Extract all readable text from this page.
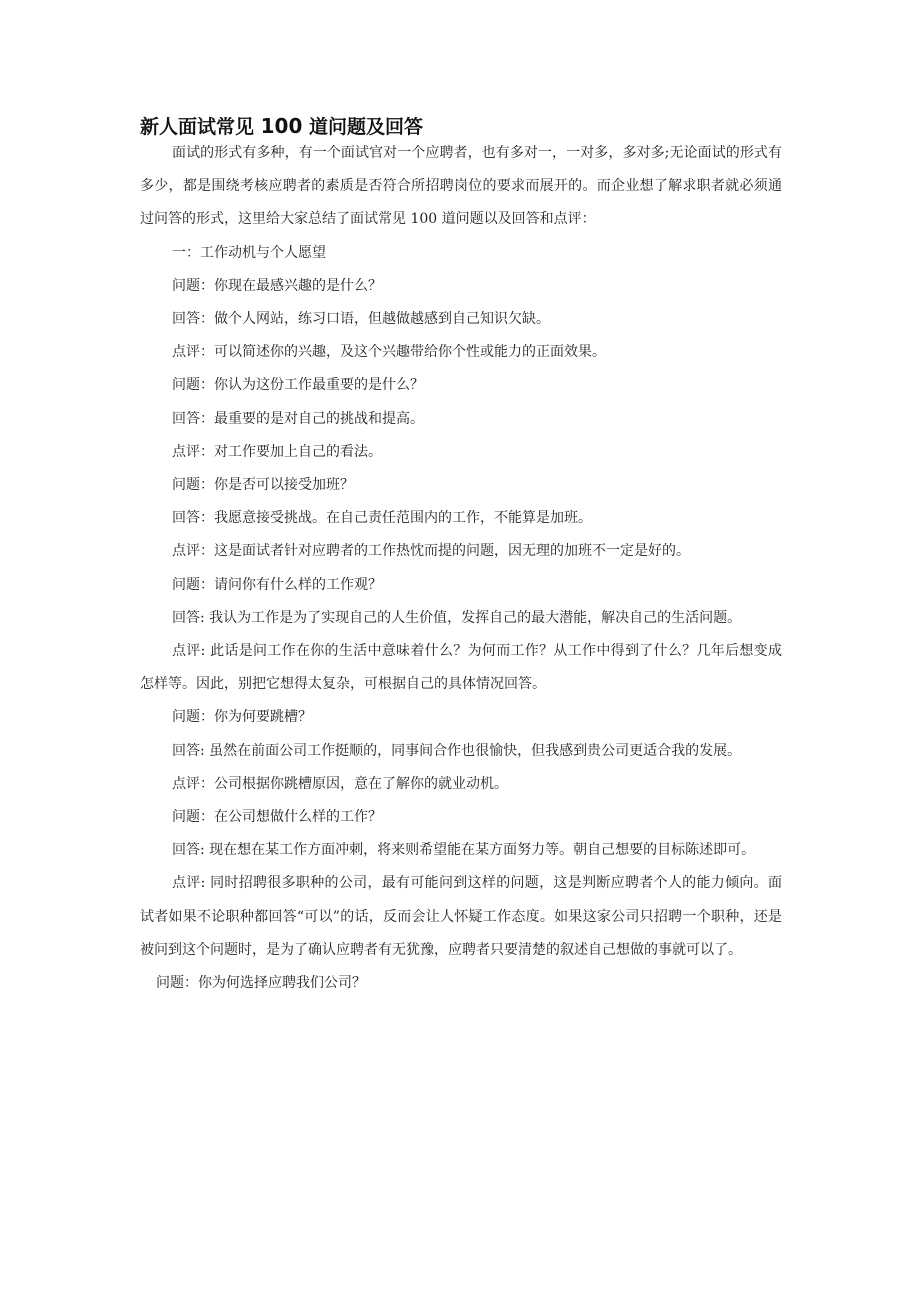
新人面试常见 100 道问题及回答

面试的形式有多种，有一个面试官对一个应聘者，也有多对一，一对多，多对多;无论面试的形式有多少，都是围绕考核应聘者的素质是否符合所招聘岗位的要求而展开的。而企业想了解求职者就必须通过问答的形式，这里给大家总结了面试常见 100 道问题以及回答和点评：

一：工作动机与个人愿望

问题：你现在最感兴趣的是什么？

回答：做个人网站，练习口语，但越做越感到自己知识欠缺。

点评：可以简述你的兴趣，及这个兴趣带给你个性或能力的正面效果。

问题：你认为这份工作最重要的是什么？

回答：最重要的是对自己的挑战和提高。

点评：对工作要加上自己的看法。

问题：你是否可以接受加班？

回答：我愿意接受挑战。在自己责任范围内的工作，不能算是加班。

点评：这是面试者针对应聘者的工作热忱而提的问题，因无理的加班不一定是好的。

问题：请问你有什么样的工作观？

回答: 我认为工作是为了实现自己的人生价值，发挥自己的最大潜能，解决自己的生活问题。

点评: 此话是问工作在你的生活中意味着什么？为何而工作？从工作中得到了什么？几年后想变成怎样等。因此，别把它想得太复杂，可根据自己的具体情况回答。

问题：你为何要跳槽？

回答: 虽然在前面公司工作挺顺的，同事间合作也很愉快，但我感到贵公司更适合我的发展。

点评：公司根据你跳槽原因，意在了解你的就业动机。

问题：在公司想做什么样的工作？

回答: 现在想在某工作方面冲刺，将来则希望能在某方面努力等。朝自己想要的目标陈述即可。

点评: 同时招聘很多职种的公司，最有可能问到这样的问题，这是判断应聘者个人的能力倾向。面试者如果不论职种都回答“可以”的话，反而会让人怀疑工作态度。如果这家公司只招聘一个职种，还是被问到这个问题时，是为了确认应聘者有无犹豫，应聘者只要清楚的叙述自己想做的事就可以了。

问题：你为何选择应聘我们公司？
